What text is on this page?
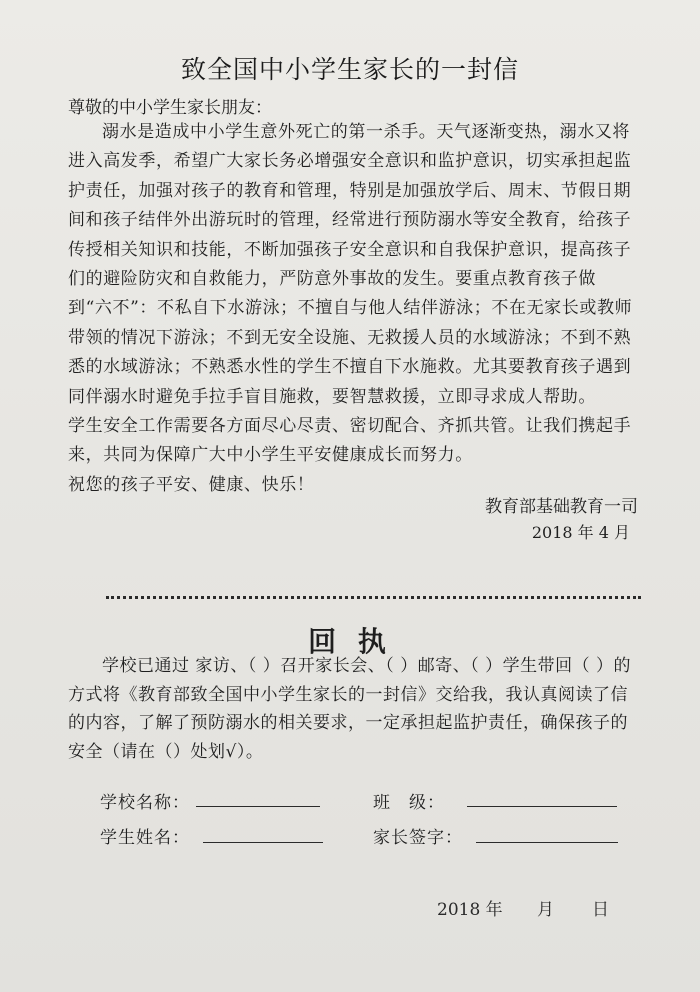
致全国中小学生家长的一封信
尊敬的中小学生家长朋友：

溺水是造成中小学生意外死亡的第一杀手。天气逐渐变热，溺水又将进入高发季，希望广大家长务必增强安全意识和监护意识，切实承担起监护责任，加强对孩子的教育和管理，特别是加强放学后、周末、节假日期间和孩子结伴外出游玩时的管理，经常进行预防溺水等安全教育，给孩子传授相关知识和技能，不断加强孩子安全意识和自我保护意识，提高孩子们的避险防灾和自救能力，严防意外事故的发生。要重点教育孩子做到“六不”：不私自下水游泳；不擅自与他人结伴游泳；不在无家长或教师带领的情况下游泳；不到无安全设施、无救援人员的水域游泳；不到不熟悉的水域游泳；不熟悉水性的学生不擅自下水施救。尤其要教育孩子遇到同伴溺水时避免手拉手盲目施救，要智慧救援，立即寻求成人帮助。

学生安全工作需要各方面尽心尽责、密切配合、齐抓共管。让我们携起手来，共同为保障广大中小学生平安健康成长而努力。

祝您的孩子平安、健康、快乐！

教育部基础教育一司
2018 年 4 月
回 执

学校已通过 家访、（ ）召开家长会、（ ）邮寄、（ ）学生带回（ ）的方式将《教育部致全国中小学生家长的一封信》交给我，我认真阅读了信的内容，了解了预防溺水的相关要求，一定承担起监护责任，确保孩子的安全（请在（）处划√）。

学校名称：	班　级：
学生姓名：	家长签字：
2018 年 月 日
